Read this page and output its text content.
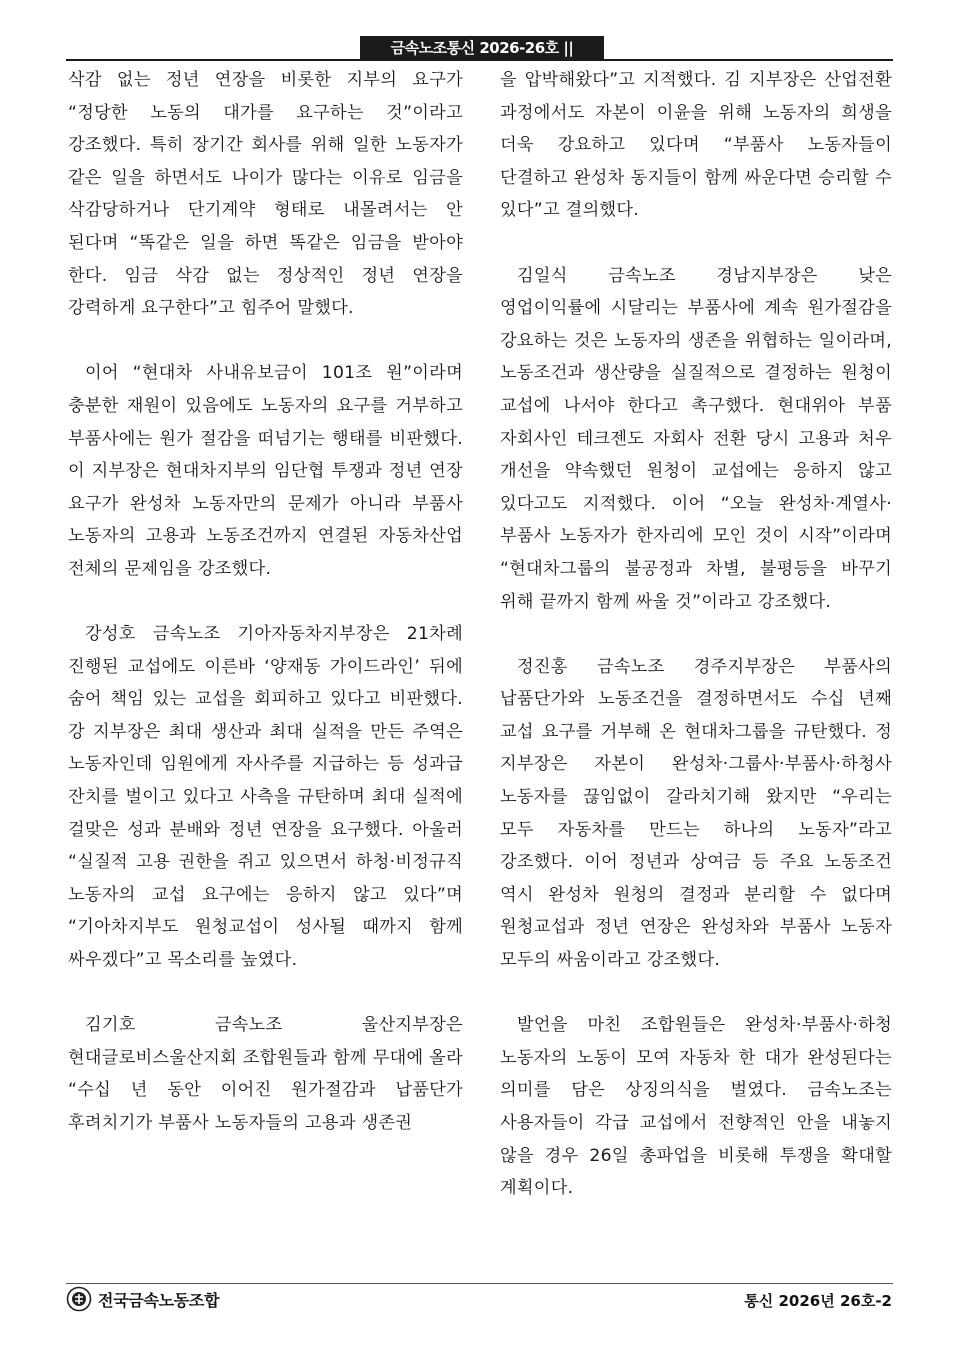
금속노조통신 2026-26호 || 2026.8.25(화)

삭감 없는 정년 연장을 비롯한 지부의 요구가 “정당한 노동의 대가를 요구하는 것”이라고 강조했다. 특히 장기간 회사를 위해 일한 노동자가 같은 일을 하면서도 나이가 많다는 이유로 임금을 삭감당하거나 단기계약 형태로 내몰려서는 안 된다며 “똑같은 일을 하면 똑같은 임금을 받아야 한다. 임금 삭감 없는 정상적인 정년 연장을 강력하게 요구한다”고 힘주어 말했다.

이어 “현대차 사내유보금이 101조 원”이라며 충분한 재원이 있음에도 노동자의 요구를 거부하고 부품사에는 원가 절감을 떠넘기는 행태를 비판했다. 이 지부장은 현대차지부의 임단협 투쟁과 정년 연장 요구가 완성차 노동자만의 문제가 아니라 부품사 노동자의 고용과 노동조건까지 연결된 자동차산업 전체의 문제임을 강조했다.

강성호 금속노조 기아자동차지부장은 21차례 진행된 교섭에도 이른바 ‘양재동 가이드라인’ 뒤에 숨어 책임 있는 교섭을 회피하고 있다고 비판했다. 강 지부장은 최대 생산과 최대 실적을 만든 주역은 노동자인데 임원에게 자사주를 지급하는 등 성과급 잔치를 벌이고 있다고 사측을 규탄하며 최대 실적에 걸맞은 성과 분배와 정년 연장을 요구했다. 아울러 “실질적 고용 권한을 쥐고 있으면서 하청·비정규직 노동자의 교섭 요구에는 응하지 않고 있다”며 “기아차지부도 원청교섭이 성사될 때까지 함께 싸우겠다”고 목소리를 높였다.

김기호 금속노조 울산지부장은 현대글로비스울산지회 조합원들과 함께 무대에 올라 “수십 년 동안 이어진 원가절감과 납품단가 후려치기가 부품사 노동자들의 고용과 생존권

을 압박해왔다”고 지적했다. 김 지부장은 산업전환 과정에서도 자본이 이윤을 위해 노동자의 희생을 더욱 강요하고 있다며 “부품사 노동자들이 단결하고 완성차 동지들이 함께 싸운다면 승리할 수 있다”고 결의했다.

김일식 금속노조 경남지부장은 낮은 영업이익률에 시달리는 부품사에 계속 원가절감을 강요하는 것은 노동자의 생존을 위협하는 일이라며, 노동조건과 생산량을 실질적으로 결정하는 원청이 교섭에 나서야 한다고 촉구했다. 현대위아 부품 자회사인 테크젠도 자회사 전환 당시 고용과 처우 개선을 약속했던 원청이 교섭에는 응하지 않고 있다고도 지적했다. 이어 “오늘 완성차·계열사·부품사 노동자가 한자리에 모인 것이 시작”이라며 “현대차그룹의 불공정과 차별, 불평등을 바꾸기 위해 끝까지 함께 싸울 것”이라고 강조했다.

정진홍 금속노조 경주지부장은 부품사의 납품단가와 노동조건을 결정하면서도 수십 년째 교섭 요구를 거부해 온 현대차그룹을 규탄했다. 정 지부장은 자본이 완성차·그룹사·부품사·하청사 노동자를 끊임없이 갈라치기해 왔지만 “우리는 모두 자동차를 만드는 하나의 노동자”라고 강조했다. 이어 정년과 상여금 등 주요 노동조건 역시 완성차 원청의 결정과 분리할 수 없다며 원청교섭과 정년 연장은 완성차와 부품사 노동자 모두의 싸움이라고 강조했다.

발언을 마친 조합원들은 완성차·부품사·하청 노동자의 노동이 모여 자동차 한 대가 완성된다는 의미를 담은 상징의식을 벌였다. 금속노조는 사용자들이 각급 교섭에서 전향적인 안을 내놓지 않을 경우 26일 총파업을 비롯해 투쟁을 확대할 계획이다.

전국금속노동조합	통신 2026년 26호-2
